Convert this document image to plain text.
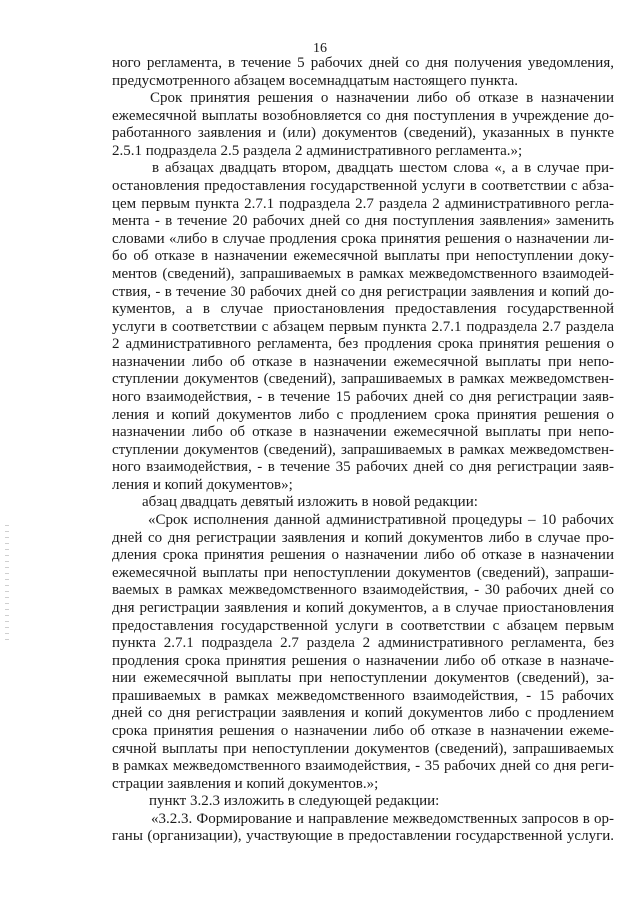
16
ного регламента, в течение 5 рабочих дней со дня получения уведомления,
предусмотренного абзацем восемнадцатым настоящего пункта.
Срок принятия решения о назначении либо об отказе в назначении
ежемесячной выплаты возобновляется со дня поступления в учреждение до-
работанного заявления и (или) документов (сведений), указанных в пункте
2.5.1 подраздела 2.5 раздела 2 административного регламента.»;
в абзацах двадцать втором, двадцать шестом слова «, а в случае при-
остановления предоставления государственной услуги в соответствии с абза-
цем первым пункта 2.7.1 подраздела 2.7 раздела 2 административного регла-
мента - в течение 20 рабочих дней со дня поступления заявления» заменить
словами «либо в случае продления срока принятия решения о назначении ли-
бо об отказе в назначении ежемесячной выплаты при непоступлении доку-
ментов (сведений), запрашиваемых в рамках межведомственного взаимодей-
ствия, - в течение 30 рабочих дней со дня регистрации заявления и копий до-
кументов, а в случае приостановления предоставления государственной
услуги в соответствии с абзацем первым пункта 2.7.1 подраздела 2.7 раздела
2 административного регламента, без продления срока принятия решения о
назначении либо об отказе в назначении ежемесячной выплаты при непо-
ступлении документов (сведений), запрашиваемых в рамках межведомствен-
ного взаимодействия, - в течение 15 рабочих дней со дня регистрации заяв-
ления и копий документов либо с продлением срока принятия решения о
назначении либо об отказе в назначении ежемесячной выплаты при непо-
ступлении документов (сведений), запрашиваемых в рамках межведомствен-
ного взаимодействия, - в течение 35 рабочих дней со дня регистрации заяв-
ления и копий документов»;
абзац двадцать девятый изложить в новой редакции:
«Срок исполнения данной административной процедуры – 10 рабочих
дней со дня регистрации заявления и копий документов либо в случае про-
дления срока принятия решения о назначении либо об отказе в назначении
ежемесячной выплаты при непоступлении документов (сведений), запраши-
ваемых в рамках межведомственного взаимодействия, - 30 рабочих дней со
дня регистрации заявления и копий документов, а в случае приостановления
предоставления государственной услуги в соответствии с абзацем первым
пункта 2.7.1 подраздела 2.7 раздела 2 административного регламента, без
продления срока принятия решения о назначении либо об отказе в назначе-
нии ежемесячной выплаты при непоступлении документов (сведений), за-
прашиваемых в рамках межведомственного взаимодействия, - 15 рабочих
дней со дня регистрации заявления и копий документов либо с продлением
срока принятия решения о назначении либо об отказе в назначении ежеме-
сячной выплаты при непоступлении документов (сведений), запрашиваемых
в рамках межведомственного взаимодействия, - 35 рабочих дней со дня реги-
страции заявления и копий документов.»;
пункт 3.2.3 изложить в следующей редакции:
«3.2.3. Формирование и направление межведомственных запросов в ор-
ганы (организации), участвующие в предоставлении государственной услуги.
